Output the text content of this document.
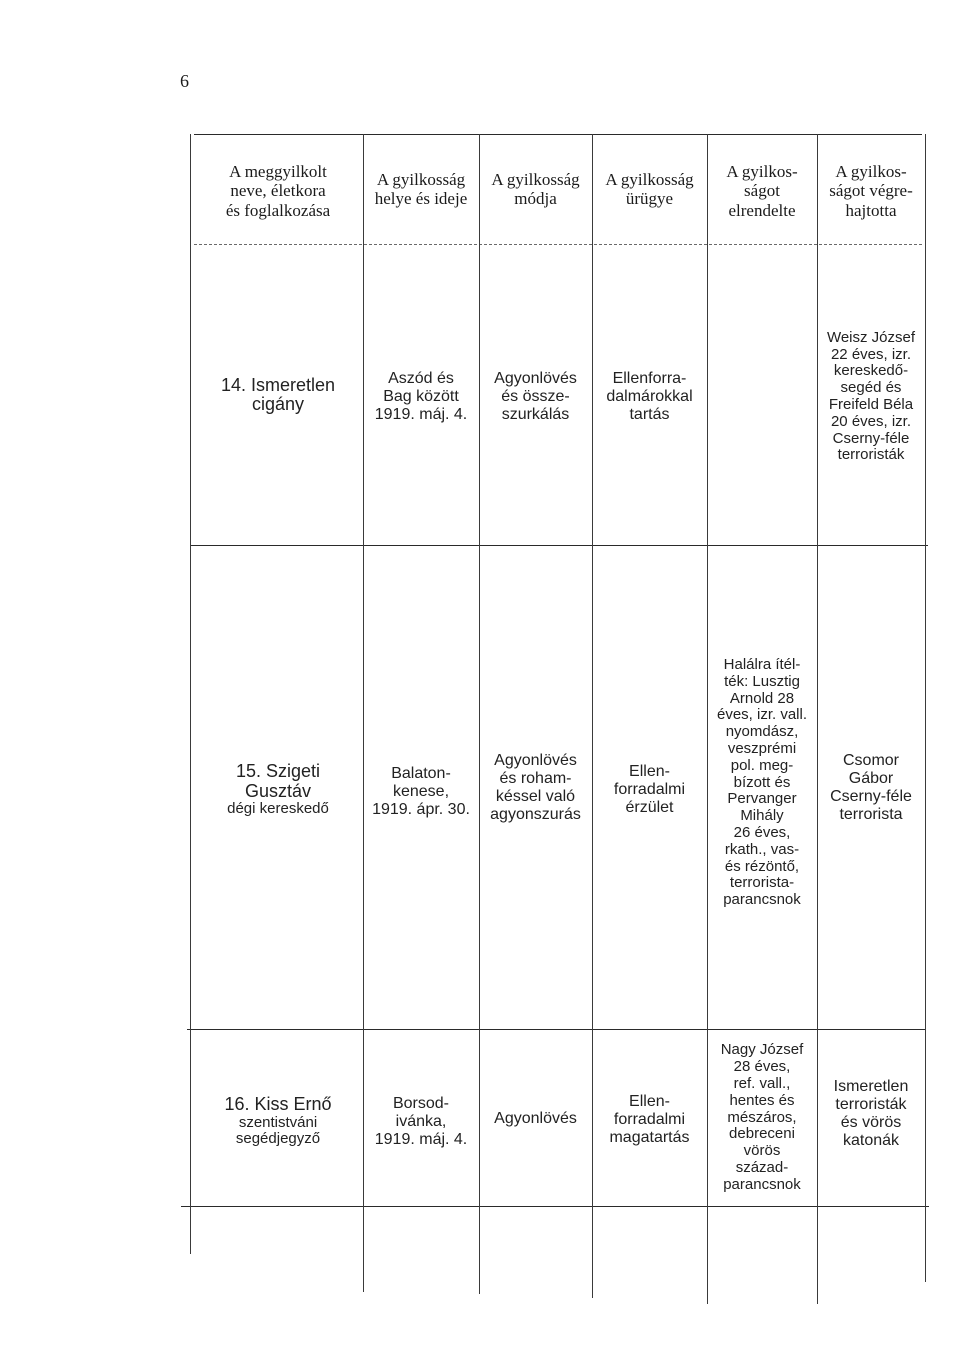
6
A meggyilkolt
neve, életkora
és foglalkozása
A gyilkosság
helye és ideje
A gyilkosság
módja
A gyilkosság
ürügye
A gyilkos-
ságot
elrendelte
A gyilkos-
ságot végre-
hajtotta
14. Ismeretlen
cigány
Aszód és
Bag között
1919. máj. 4.
Agyonlövés
és össze-
szurkálás
Ellenforra-
dalmárokkal
tartás
Weisz József
22 éves, izr.
kereskedő-
segéd és
Freifeld Béla
20 éves, izr.
Cserny-féle
terroristák
15. Szigeti
Gusztáv
dégi kereskedő
Balaton-
kenese,
1919. ápr. 30.
Agyonlövés
és roham-
késsel való
agyonszurás
Ellen-
forradalmi
érzület
Halálra ítél-
ték: Lusztig
Arnold 28
éves, izr. vall.
nyomdász,
veszprémi
pol. meg-
bízott és
Pervanger
Mihály
26 éves,
rkath., vas-
és rézöntő,
terrorista-
parancsnok
Csomor
Gábor
Cserny-féle
terrorista
16. Kiss Ernő
szentistváni
segédjegyző
Borsod-
ivánka,
1919. máj. 4.
Agyonlövés
Ellen-
forradalmi
magatartás
Nagy József
28 éves,
ref. vall.,
hentes és
mészáros,
debreceni
vörös
század-
parancsnok
Ismeretlen
terroristák
és vörös
katonák
